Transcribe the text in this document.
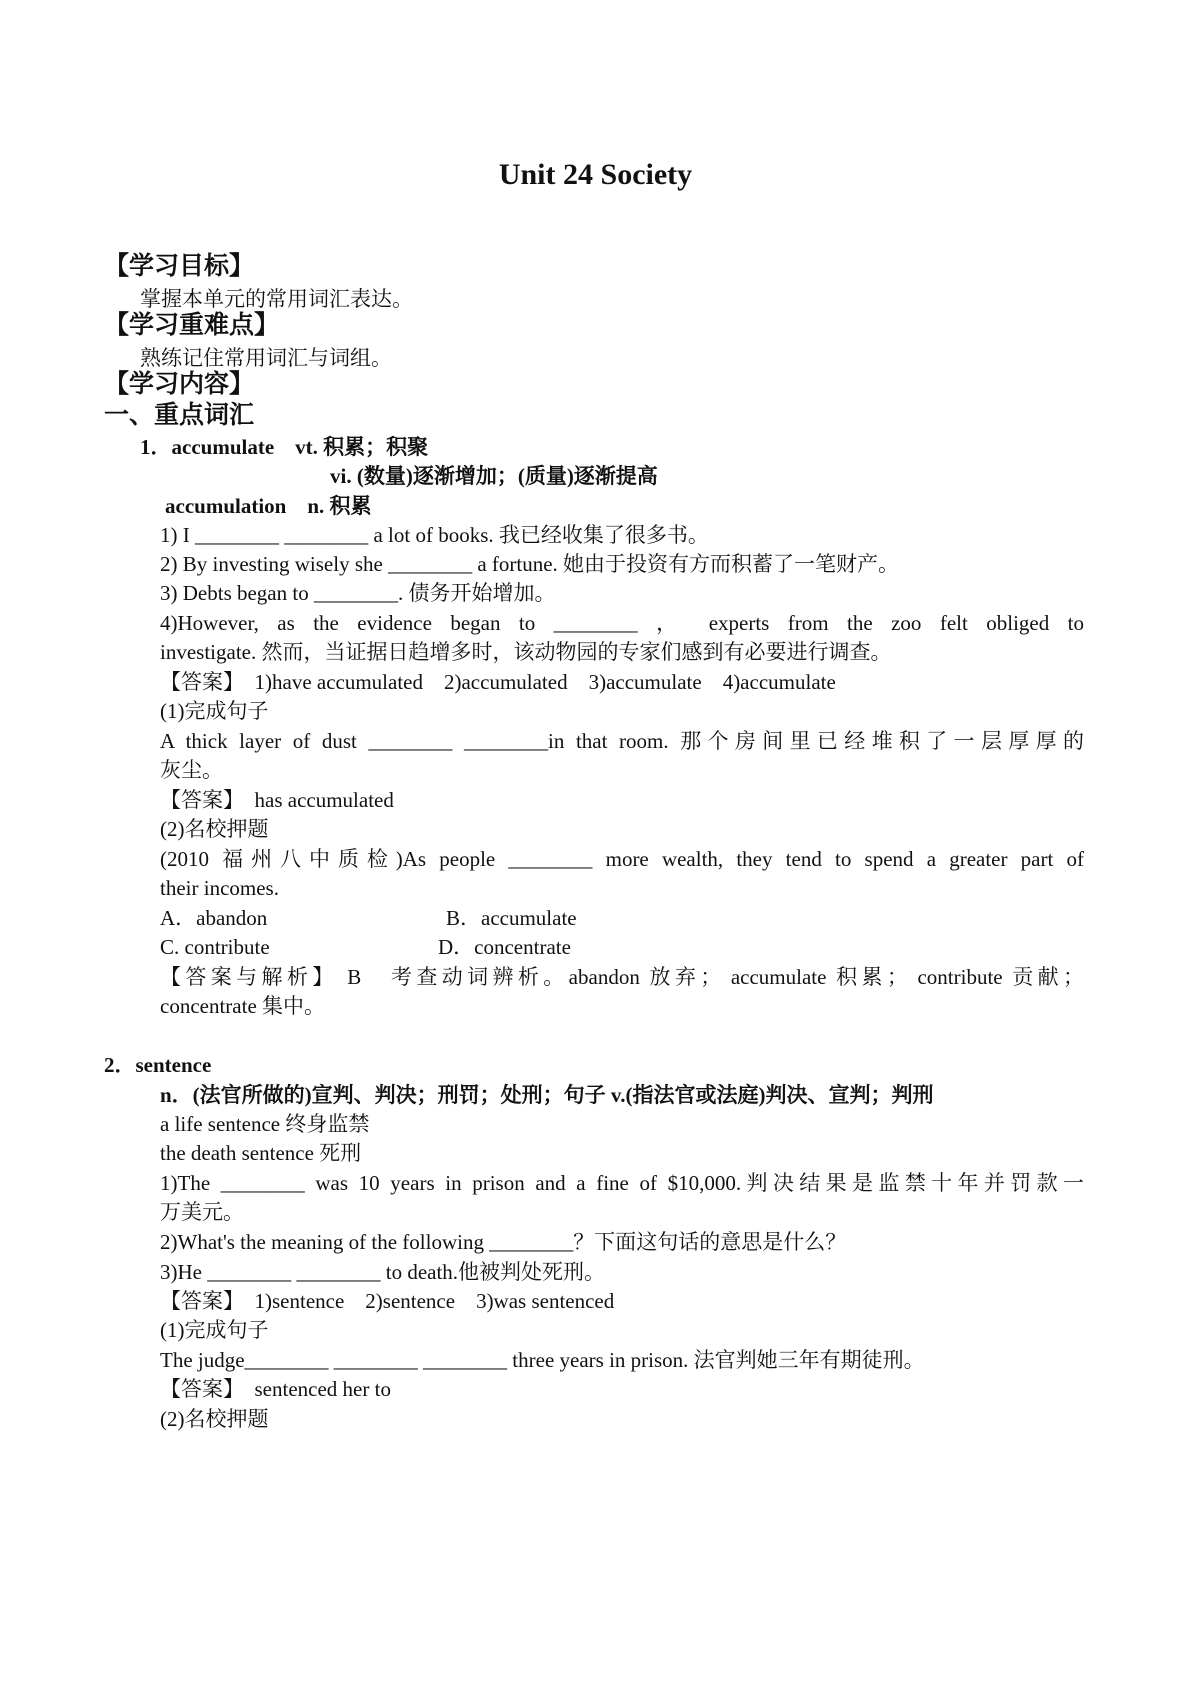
Unit 24 Society
【学习目标】
掌握本单元的常用词汇表达。
【学习重难点】
熟练记住常用词汇与词组。
【学习内容】
一、重点词汇
1．accumulate　vt. 积累；积聚
vi. (数量)逐渐增加；(质量)逐渐提高
accumulation　n. 积累
1) I ________ ________ a lot of books. 我已经收集了很多书。
2) By investing wisely she ________ a fortune. 她由于投资有方而积蓄了一笔财产。
3) Debts began to ________. 债务开始增加。
4)However, as the evidence began to ________ ， experts from the zoo felt obliged to
investigate. 然而，当证据日趋增多时，该动物园的专家们感到有必要进行调查。
【答案】　1)have accumulated　2)accumulated　3)accumulate　4)accumulate
(1)完成句子
A thick layer of dust ________ ________in that room. 那个房间里已经堆积了一层厚厚的
灰尘。
【答案】　has accumulated
(2)名校押题
(2010 福州八中质检)As people ________ more wealth, they tend to spend a greater part of
their incomes.
A．abandon	B．accumulate
C. contribute	D．concentrate
【答案与解析】 B　考查动词辨析。abandon 放弃； accumulate 积累； contribute 贡献；
concentrate 集中。
2．sentence
n．(法官所做的)宣判、判决；刑罚；处刑；句子 v.(指法官或法庭)判决、宣判；判刑
a life sentence 终身监禁
the death sentence 死刑
1)The ________ was 10 years in prison and a fine of $10,000.判决结果是监禁十年并罚款一
万美元。
2)What's the meaning of the following ________？下面这句话的意思是什么？
3)He ________ ________ to death.他被判处死刑。
【答案】　1)sentence　2)sentence　3)was sentenced
(1)完成句子
The judge________ ________ ________ three years in prison. 法官判她三年有期徒刑。
【答案】　sentenced her to
(2)名校押题
